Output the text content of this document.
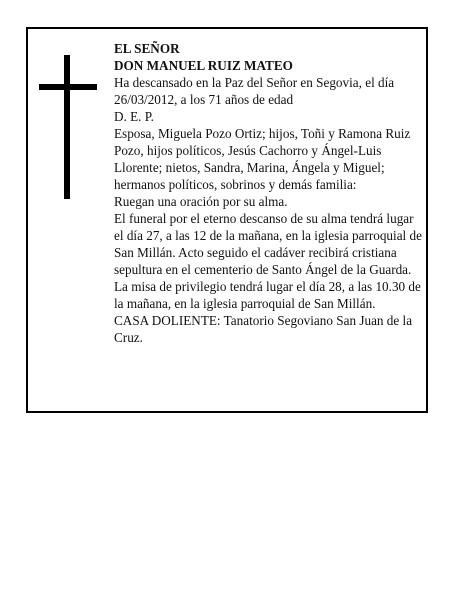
EL SEÑOR

DON MANUEL RUIZ MATEO

Ha descansado en la Paz del Señor en Segovia, el día 26/03/2012, a los 71 años de edad

D. E. P.

Esposa, Miguela Pozo Ortiz; hijos, Toñi y Ramona Ruiz Pozo, hijos políticos, Jesús Cachorro y Ángel-Luis Llorente; nietos, Sandra, Marina, Ángela y Miguel; hermanos políticos, sobrinos y demás familia:

Ruegan una oración por su alma.

El funeral por el eterno descanso de su alma tendrá lugar el día 27, a las 12 de la mañana, en la iglesia parroquial de San Millán. Acto seguido el cadáver recibirá cristiana sepultura en el cementerio de Santo Ángel de la Guarda. La misa de privilegio tendrá lugar el día 28, a las 10.30 de la mañana, en la iglesia parroquial de San Millán.

CASA DOLIENTE: Tanatorio Segoviano San Juan de la Cruz.
